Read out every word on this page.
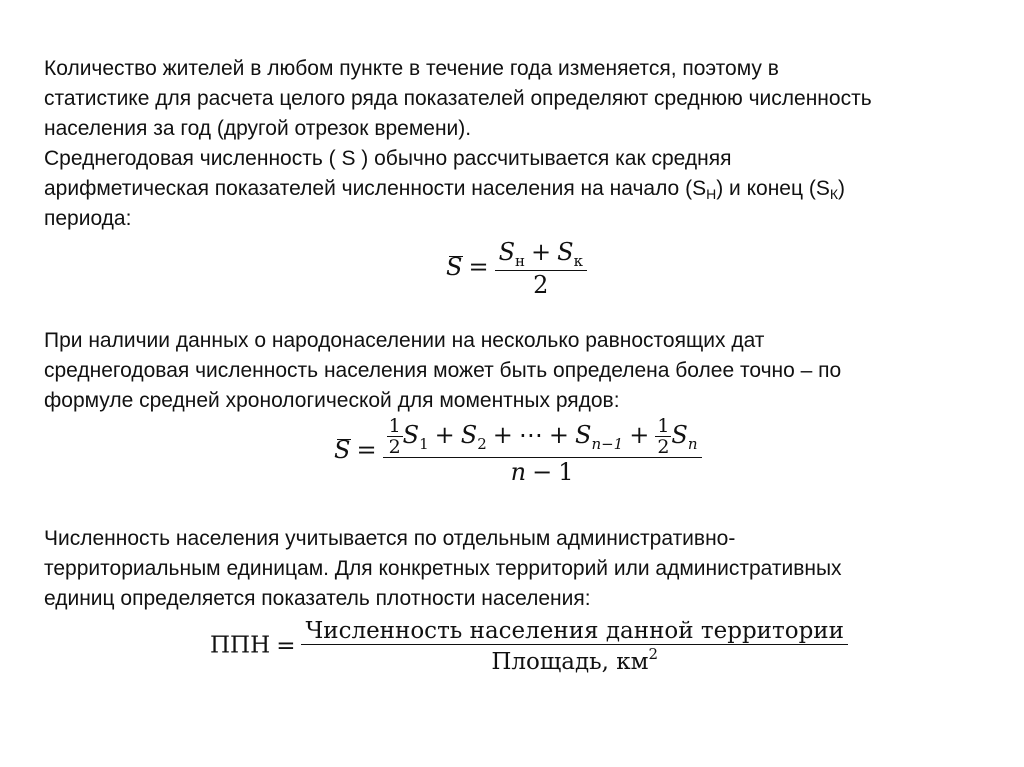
Количество жителей в любом пункте в течение года изменяется, поэтому в
статистике для расчета целого ряда показателей определяют среднюю численность
населения за год (другой отрезок времени).
Среднегодовая численность ( S ) обычно рассчитывается как средняя
арифметическая показателей численности населения на начало $(S_Н)$ и конец $(S_К)$
периода:
$S = \frac{S_н + S_к}{2}$
При наличии данных о народонаселении на несколько равностоящих дат
среднегодовая численность населения может быть определена более точно – по
формуле средней хронологической для моментных рядов:
$S = \frac{\frac{1}{2} S_1 + S_2 + \cdots + S_{n-1} + \frac{1}{2} S_n}{n - 1}$
Численность населения учитывается по отдельным административно-
территориальным единицам. Для конкретных территорий или административных
единиц определяется показатель плотности населения:
ППН = $\frac{\text{Численность населения данной территории}}{Площадь, км^2}$
